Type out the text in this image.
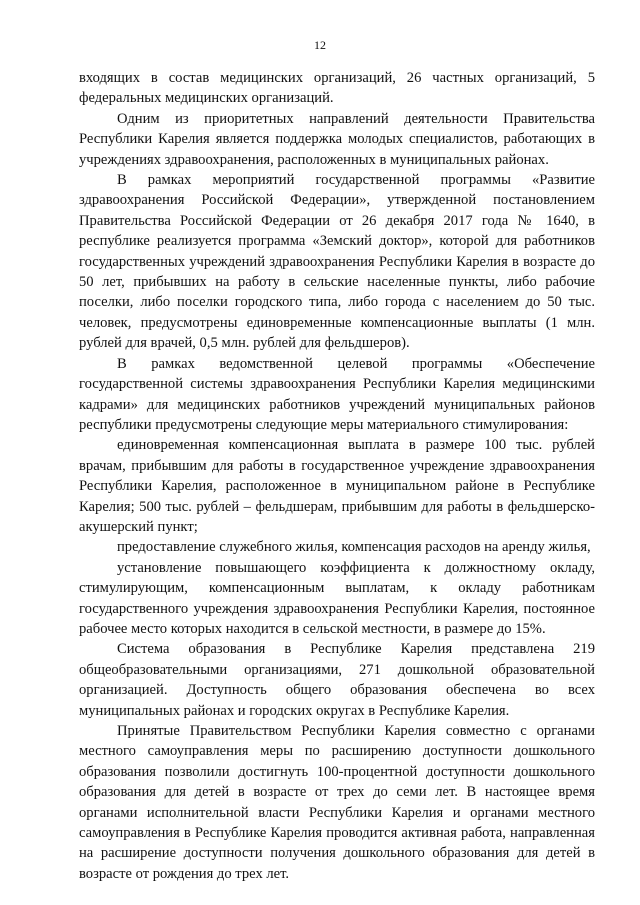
12

входящих в состав медицинских организаций, 26 частных организаций, 5 федеральных медицинских организаций.

Одним из приоритетных направлений деятельности Правительства Республики Карелия является поддержка молодых специалистов, работающих в учреждениях здравоохранения, расположенных в муниципальных районах.

В рамках мероприятий государственной программы «Развитие здравоохранения Российской Федерации», утвержденной постановлением Правительства Российской Федерации от 26 декабря 2017 года № 1640, в республике реализуется программа «Земский доктор», которой для работников государственных учреждений здравоохранения Республики Карелия в возрасте до 50 лет, прибывших на работу в сельские населенные пункты, либо рабочие поселки, либо поселки городского типа, либо города с населением до 50 тыс. человек, предусмотрены единовременные компенсационные выплаты (1 млн. рублей для врачей, 0,5 млн. рублей для фельдшеров).

В рамках ведомственной целевой программы «Обеспечение государственной системы здравоохранения Республики Карелия медицинскими кадрами» для медицинских работников учреждений муниципальных районов республики предусмотрены следующие меры материального стимулирования:

единовременная компенсационная выплата в размере 100 тыс. рублей врачам, прибывшим для работы в государственное учреждение здравоохранения Республики Карелия, расположенное в муниципальном районе в Республике Карелия; 500 тыс. рублей – фельдшерам, прибывшим для работы в фельдшерско-акушерский пункт;

предоставление служебного жилья, компенсация расходов на аренду жилья,

установление повышающего коэффициента к должностному окладу, стимулирующим, компенсационным выплатам, к окладу работникам государственного учреждения здравоохранения Республики Карелия, постоянное рабочее место которых находится в сельской местности, в размере до 15%.

Система образования в Республике Карелия представлена 219 общеобразовательными организациями, 271 дошкольной образовательной организацией. Доступность общего образования обеспечена во всех муниципальных районах и городских округах в Республике Карелия.

Принятые Правительством Республики Карелия совместно с органами местного самоуправления меры по расширению доступности дошкольного образования позволили достигнуть 100-процентной доступности дошкольного образования для детей в возрасте от трех до семи лет. В настоящее время органами исполнительной власти Республики Карелия и органами местного самоуправления в Республике Карелия проводится активная работа, направленная на расширение доступности получения дошкольного образования для детей в возрасте от рождения до трех лет.
